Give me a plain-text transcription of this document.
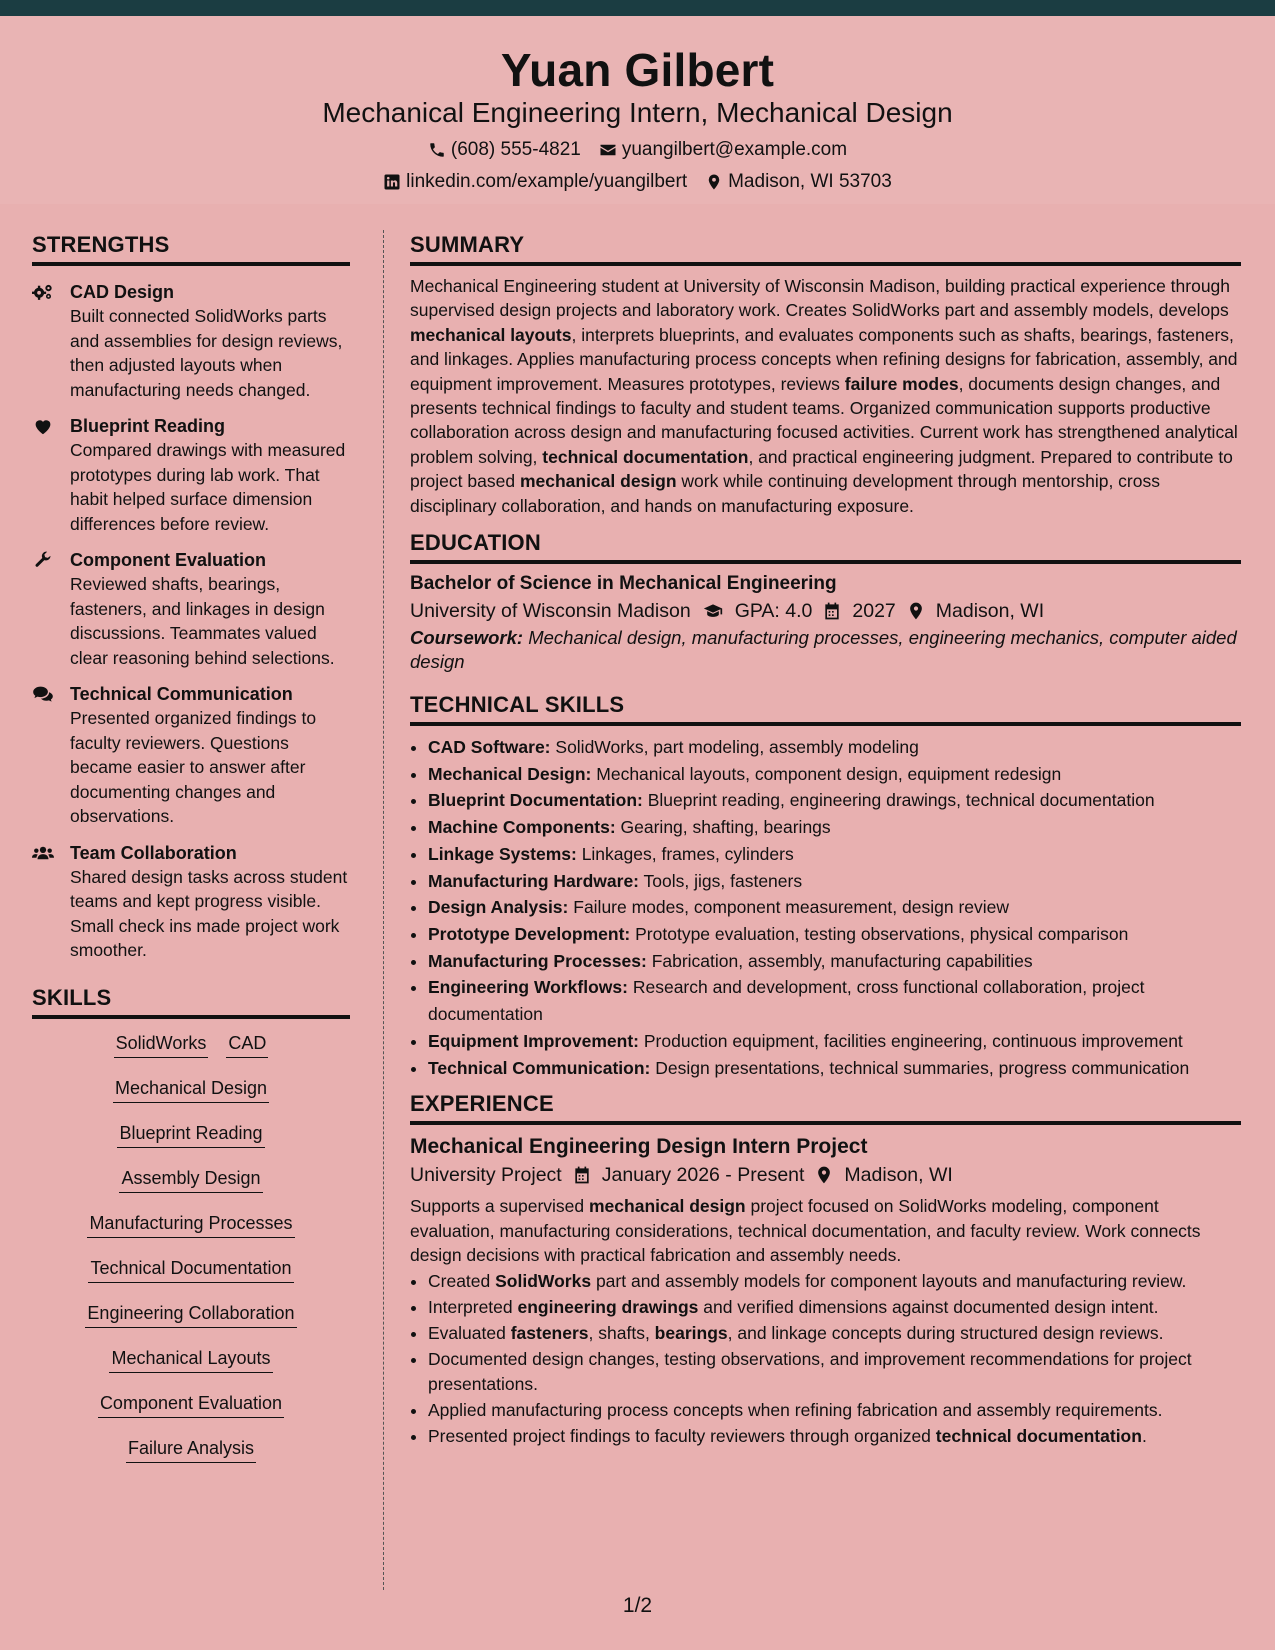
Yuan Gilbert
Mechanical Engineering Intern, Mechanical Design
(608) 555-4821 yuangilbert@example.com
linkedin.com/example/yuangilbert Madison, WI 53703
STRENGTHS
CAD Design
Built connected SolidWorks parts and assemblies for design reviews, then adjusted layouts when manufacturing needs changed.
Blueprint Reading
Compared drawings with measured prototypes during lab work. That habit helped surface dimension differences before review.
Component Evaluation
Reviewed shafts, bearings, fasteners, and linkages in design discussions. Teammates valued clear reasoning behind selections.
Technical Communication
Presented organized findings to faculty reviewers. Questions became easier to answer after documenting changes and observations.
Team Collaboration
Shared design tasks across student teams and kept progress visible. Small check ins made project work smoother.
SKILLS
SolidWorks CAD
Mechanical Design
Blueprint Reading
Assembly Design
Manufacturing Processes
Technical Documentation
Engineering Collaboration
Mechanical Layouts
Component Evaluation
Failure Analysis
SUMMARY
Mechanical Engineering student at University of Wisconsin Madison, building practical experience through supervised design projects and laboratory work. Creates SolidWorks part and assembly models, develops mechanical layouts, interprets blueprints, and evaluates components such as shafts, bearings, fasteners, and linkages. Applies manufacturing process concepts when refining designs for fabrication, assembly, and equipment improvement. Measures prototypes, reviews failure modes, documents design changes, and presents technical findings to faculty and student teams. Organized communication supports productive collaboration across design and manufacturing focused activities. Current work has strengthened analytical problem solving, technical documentation, and practical engineering judgment. Prepared to contribute to project based mechanical design work while continuing development through mentorship, cross disciplinary collaboration, and hands on manufacturing exposure.
EDUCATION
Bachelor of Science in Mechanical Engineering
University of Wisconsin Madison GPA: 4.0 2027 Madison, WI
Coursework: Mechanical design, manufacturing processes, engineering mechanics, computer aided design
TECHNICAL SKILLS
• CAD Software: SolidWorks, part modeling, assembly modeling
• Mechanical Design: Mechanical layouts, component design, equipment redesign
• Blueprint Documentation: Blueprint reading, engineering drawings, technical documentation
• Machine Components: Gearing, shafting, bearings
• Linkage Systems: Linkages, frames, cylinders
• Manufacturing Hardware: Tools, jigs, fasteners
• Design Analysis: Failure modes, component measurement, design review
• Prototype Development: Prototype evaluation, testing observations, physical comparison
• Manufacturing Processes: Fabrication, assembly, manufacturing capabilities
• Engineering Workflows: Research and development, cross functional collaboration, project documentation
• Equipment Improvement: Production equipment, facilities engineering, continuous improvement
• Technical Communication: Design presentations, technical summaries, progress communication
EXPERIENCE
Mechanical Engineering Design Intern Project
University Project January 2026 - Present Madison, WI
Supports a supervised mechanical design project focused on SolidWorks modeling, component evaluation, manufacturing considerations, technical documentation, and faculty review. Work connects design decisions with practical fabrication and assembly needs.
• Created SolidWorks part and assembly models for component layouts and manufacturing review.
• Interpreted engineering drawings and verified dimensions against documented design intent.
• Evaluated fasteners, shafts, bearings, and linkage concepts during structured design reviews.
• Documented design changes, testing observations, and improvement recommendations for project presentations.
• Applied manufacturing process concepts when refining fabrication and assembly requirements.
• Presented project findings to faculty reviewers through organized technical documentation.
1/2
